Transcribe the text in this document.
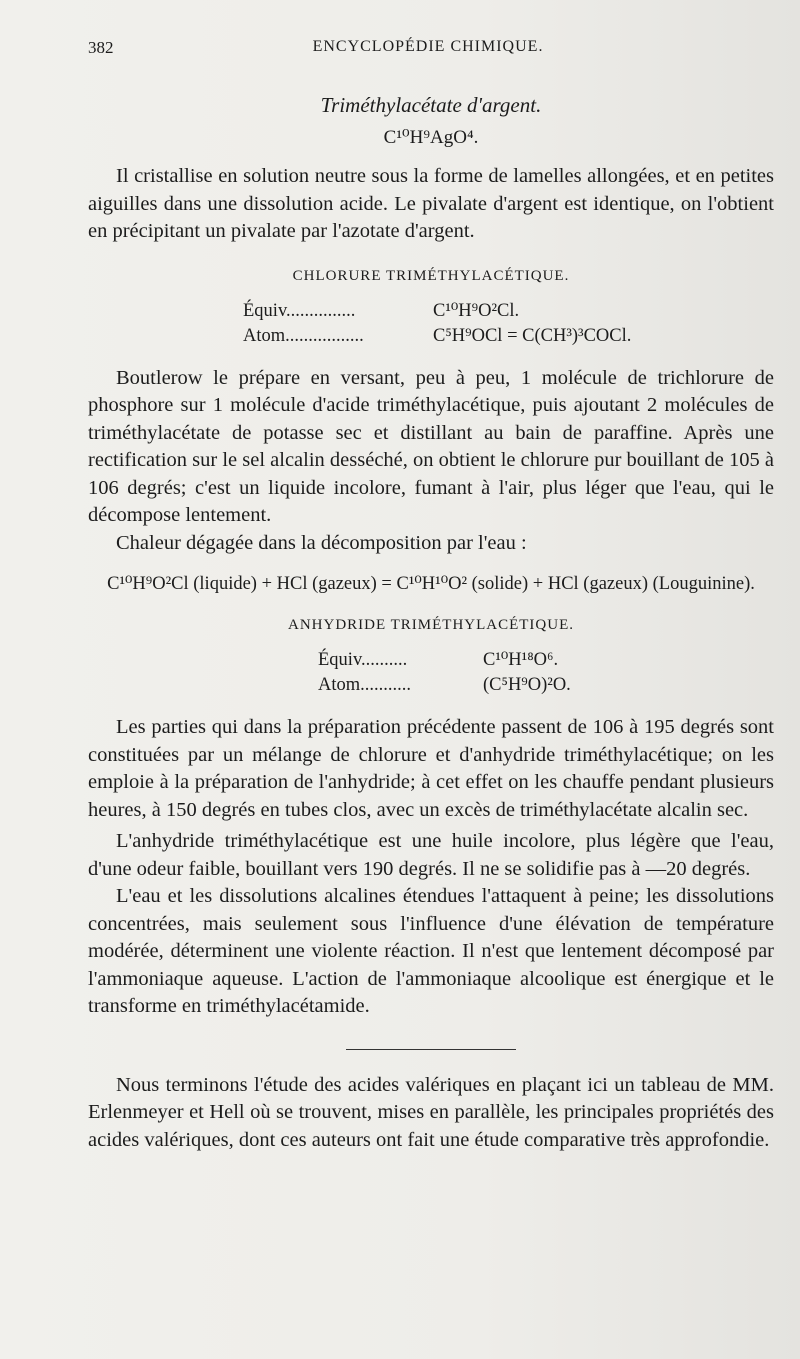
382	ENCYCLOPÉDIE CHIMIQUE.

Triméthylacétate d'argent.

C¹⁰H⁹AgO⁴.

Il cristallise en solution neutre sous la forme de lamelles allongées, et en petites aiguilles dans une dissolution acide. Le pivalate d'argent est identique, on l'obtient en précipitant un pivalate par l'azotate d'argent.

CHLORURE TRIMÉTHYLACÉTIQUE.
Équiv...............	C¹⁰H⁹O²Cl.
Atom.................	C⁵H⁹OCl = C(CH³)³COCl.

Boutlerow le prépare en versant, peu à peu, 1 molécule de trichlorure de phosphore sur 1 molécule d'acide triméthylacétique, puis ajoutant 2 molécules de triméthylacétate de potasse sec et distillant au bain de paraffine. Après une rectification sur le sel alcalin desséché, on obtient le chlorure pur bouillant de 105 à 106 degrés; c'est un liquide incolore, fumant à l'air, plus léger que l'eau, qui le décompose lentement.

Chaleur dégagée dans la décomposition par l'eau :

C¹⁰H⁹O²Cl (liquide) + HCl (gazeux) = C¹⁰H¹⁰O² (solide) + HCl (gazeux) (Louguinine).
ANHYDRIDE TRIMÉTHYLACÉTIQUE.
Équiv..........	C¹⁰H¹⁸O⁶.
Atom...........	(C⁵H⁹O)²O.

Les parties qui dans la préparation précédente passent de 106 à 195 degrés sont constituées par un mélange de chlorure et d'anhydride triméthylacétique; on les emploie à la préparation de l'anhydride; à cet effet on les chauffe pendant plusieurs heures, à 150 degrés en tubes clos, avec un excès de triméthylacétate alcalin sec.

L'anhydride triméthylacétique est une huile incolore, plus légère que l'eau, d'une odeur faible, bouillant vers 190 degrés. Il ne se solidifie pas à —20 degrés.

L'eau et les dissolutions alcalines étendues l'attaquent à peine; les dissolutions concentrées, mais seulement sous l'influence d'une élévation de température modérée, déterminent une violente réaction. Il n'est que lentement décomposé par l'ammoniaque aqueuse. L'action de l'ammoniaque alcoolique est énergique et le transforme en triméthylacétamide.

Nous terminons l'étude des acides valériques en plaçant ici un tableau de MM. Erlenmeyer et Hell où se trouvent, mises en parallèle, les principales propriétés des acides valériques, dont ces auteurs ont fait une étude comparative très approfondie.
